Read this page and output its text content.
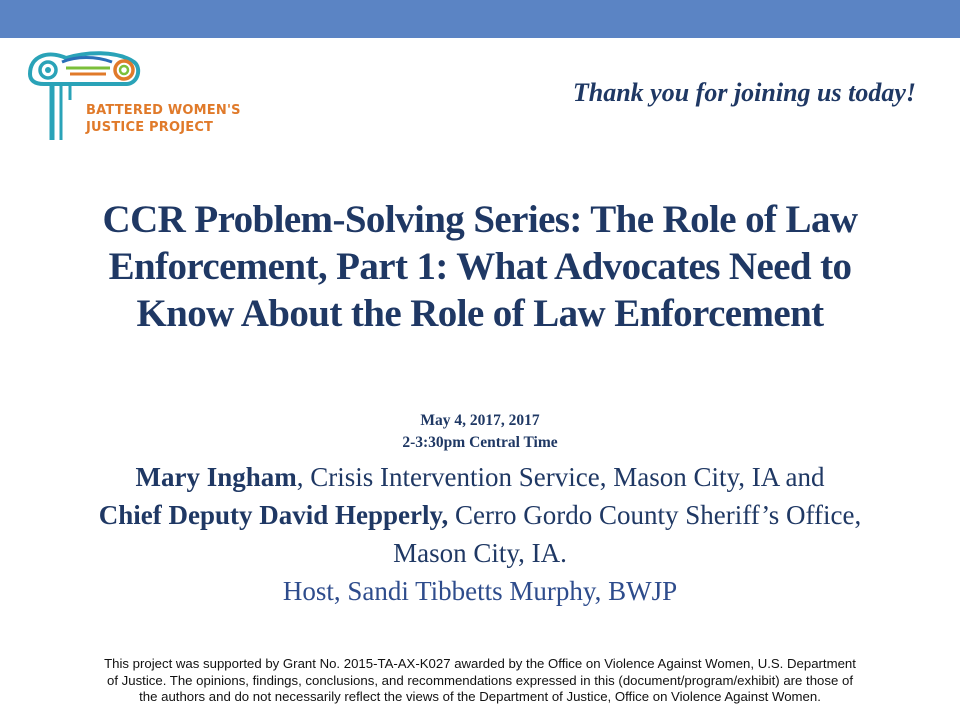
BATTERED WOMEN'S
JUSTICE PROJECT
Thank you for joining us today!
CCR Problem-Solving Series: The Role of Law
Enforcement, Part 1: What Advocates Need to
Know About the Role of Law Enforcement
May 4, 2017, 2017
2-3:30pm Central Time
Mary Ingham, Crisis Intervention Service, Mason City, IA and
Chief Deputy David Hepperly, Cerro Gordo County Sheriff’s Office,
Mason City, IA.
Host, Sandi Tibbetts Murphy, BWJP
This project was supported by Grant No. 2015-TA-AX-K027 awarded by the Office on Violence Against Women, U.S. Department
of Justice. The opinions, findings, conclusions, and recommendations expressed in this (document/program/exhibit) are those of
the authors and do not necessarily reflect the views of the Department of Justice, Office on Violence Against Women.
